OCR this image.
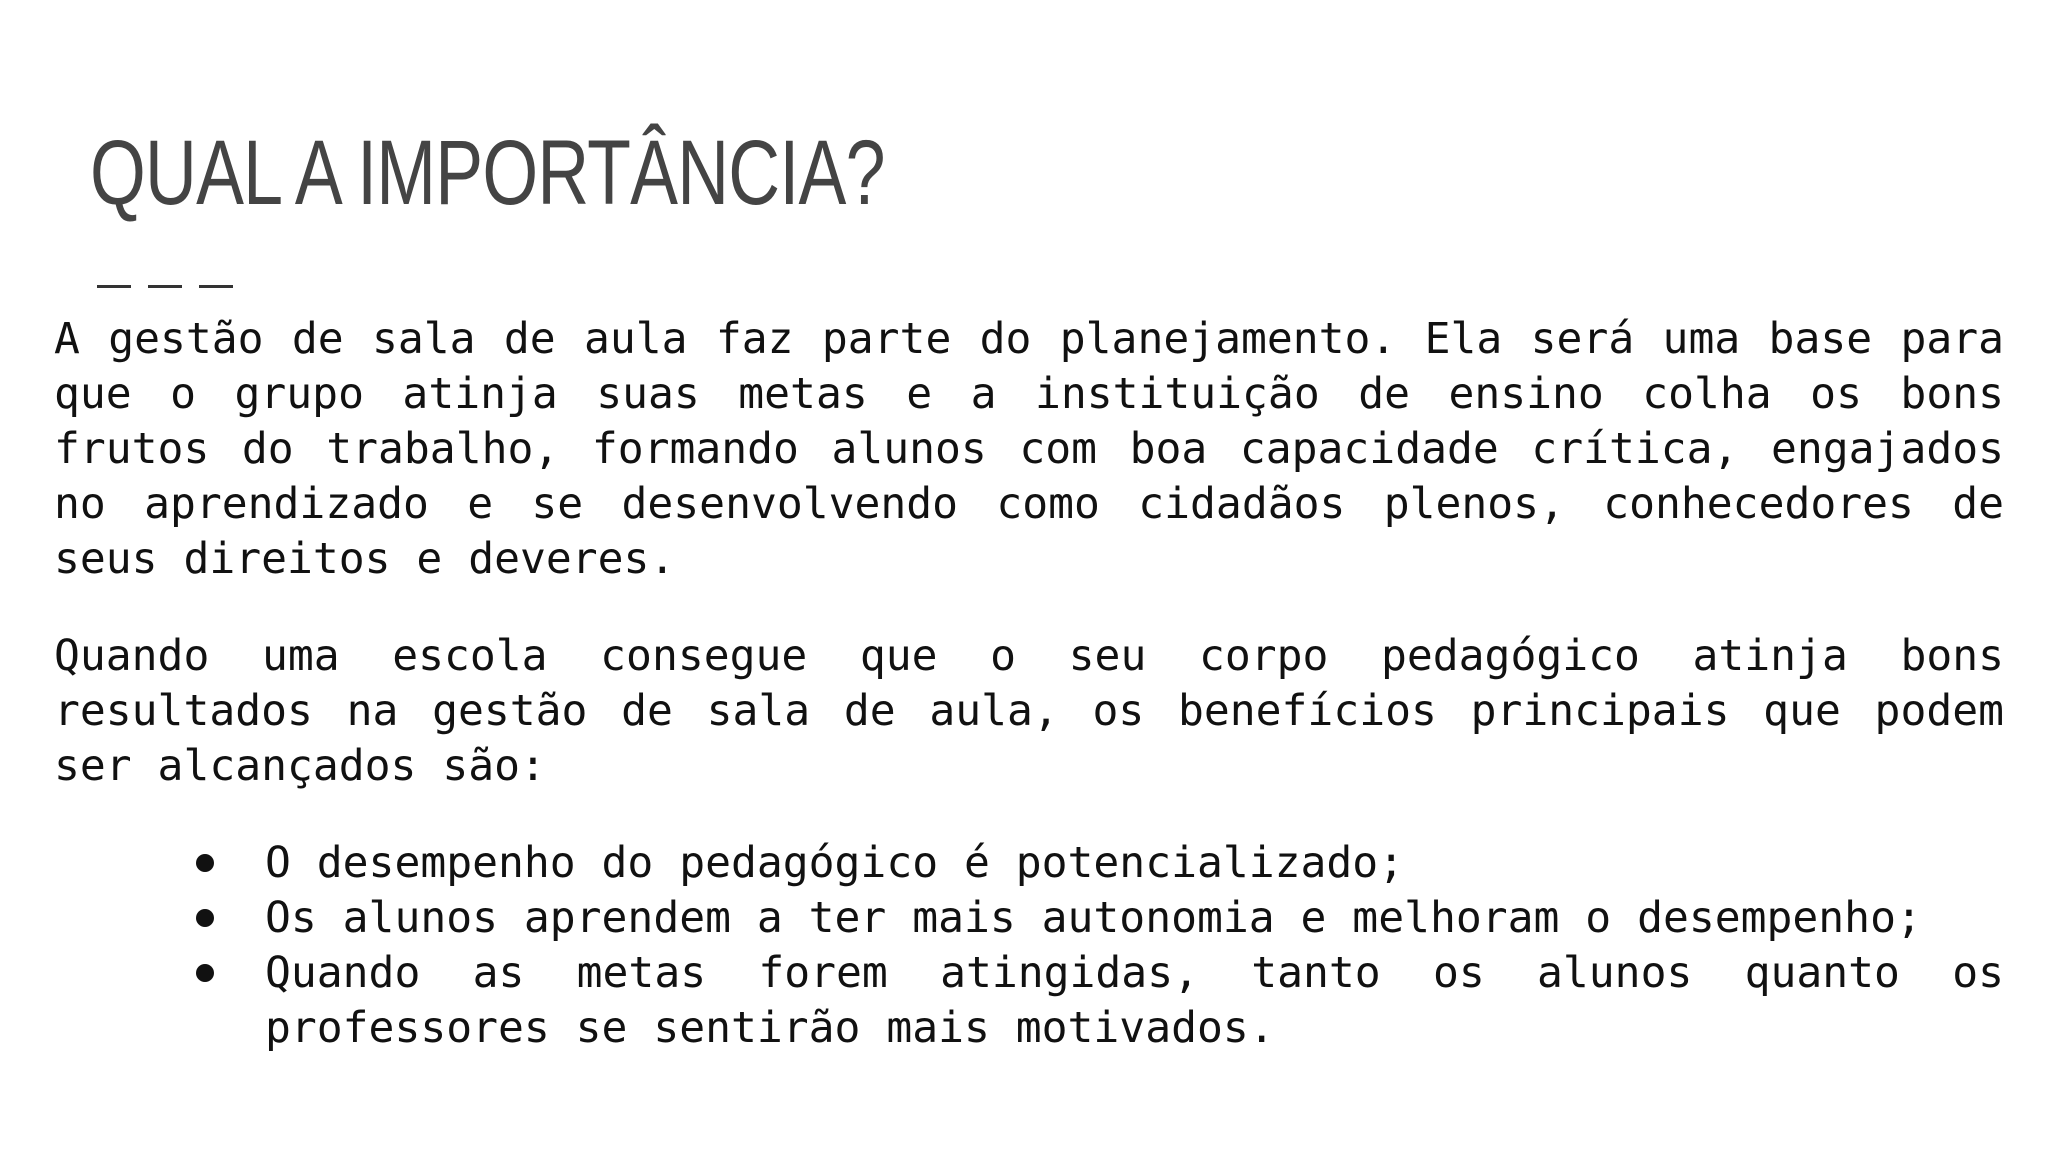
QUAL A IMPORTÂNCIA?

A gestão de sala de aula faz parte do planejamento. Ela será uma base para que o grupo atinja suas metas e a instituição de ensino colha os bons frutos do trabalho, formando alunos com boa capacidade crítica, engajados no aprendizado e se desenvolvendo como cidadãos plenos, conhecedores de seus direitos e deveres.

Quando uma escola consegue que o seu corpo pedagógico atinja bons resultados na gestão de sala de aula, os benefícios principais que podem ser alcançados são:

O desempenho do pedagógico é potencializado;
Os alunos aprendem a ter mais autonomia e melhoram o desempenho;
Quando as metas forem atingidas, tanto os alunos quanto os professores se sentirão mais motivados.
